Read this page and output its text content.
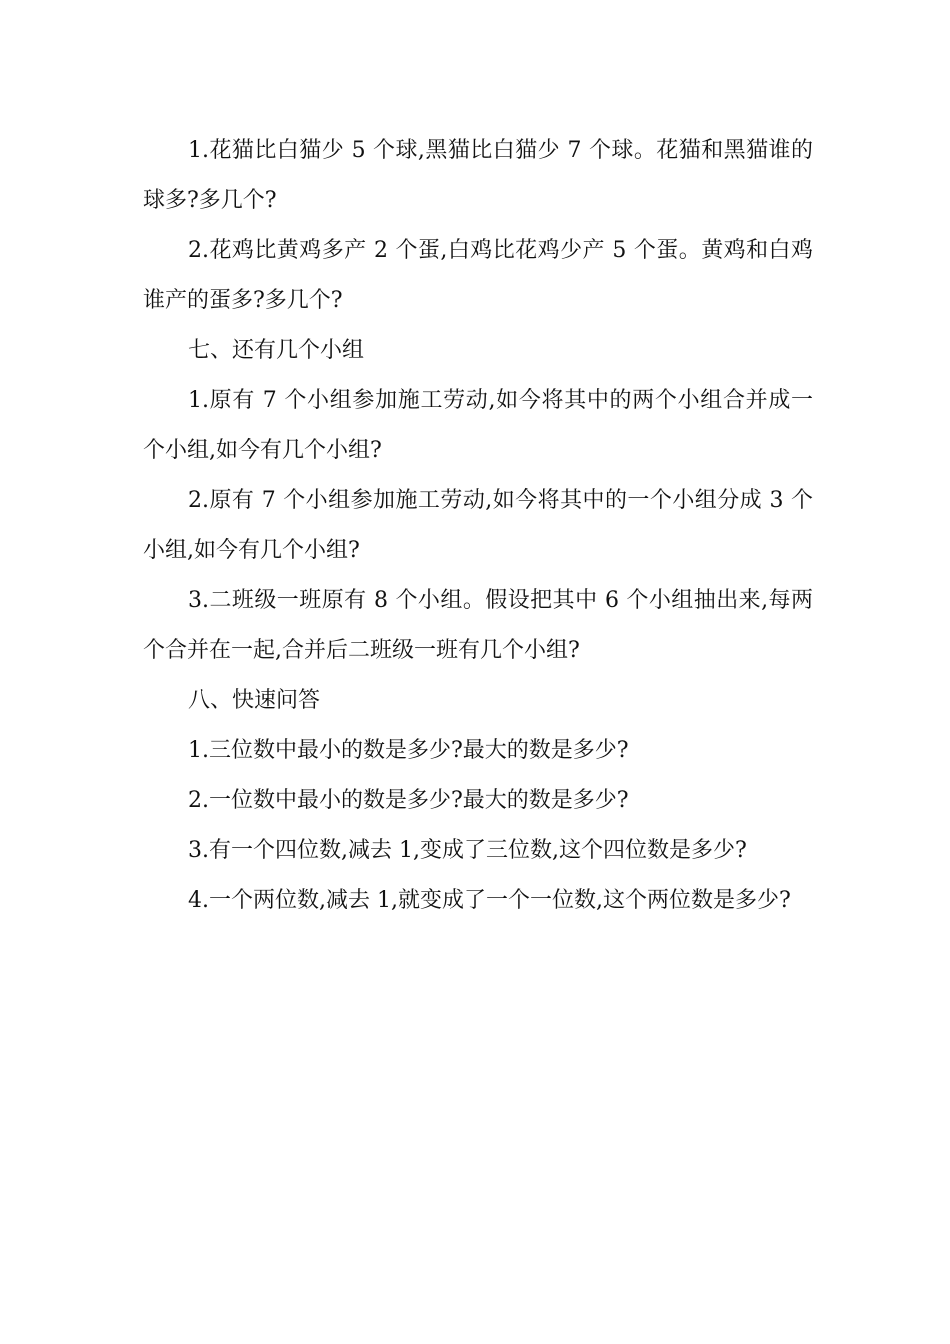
1.花猫比白猫少 5 个球,黑猫比白猫少 7 个球。花猫和黑猫谁的球多?多几个?

2.花鸡比黄鸡多产 2 个蛋,白鸡比花鸡少产 5 个蛋。黄鸡和白鸡谁产的蛋多?多几个?

七、还有几个小组

1.原有 7 个小组参加施工劳动,如今将其中的两个小组合并成一个小组,如今有几个小组?

2.原有 7 个小组参加施工劳动,如今将其中的一个小组分成 3 个小组,如今有几个小组?

3.二班级一班原有 8 个小组。假设把其中 6 个小组抽出来,每两个合并在一起,合并后二班级一班有几个小组?

八、快速问答

1.三位数中最小的数是多少?最大的数是多少?

2.一位数中最小的数是多少?最大的数是多少?

3.有一个四位数,减去 1,变成了三位数,这个四位数是多少?

4.一个两位数,减去 1,就变成了一个一位数,这个两位数是多少?
